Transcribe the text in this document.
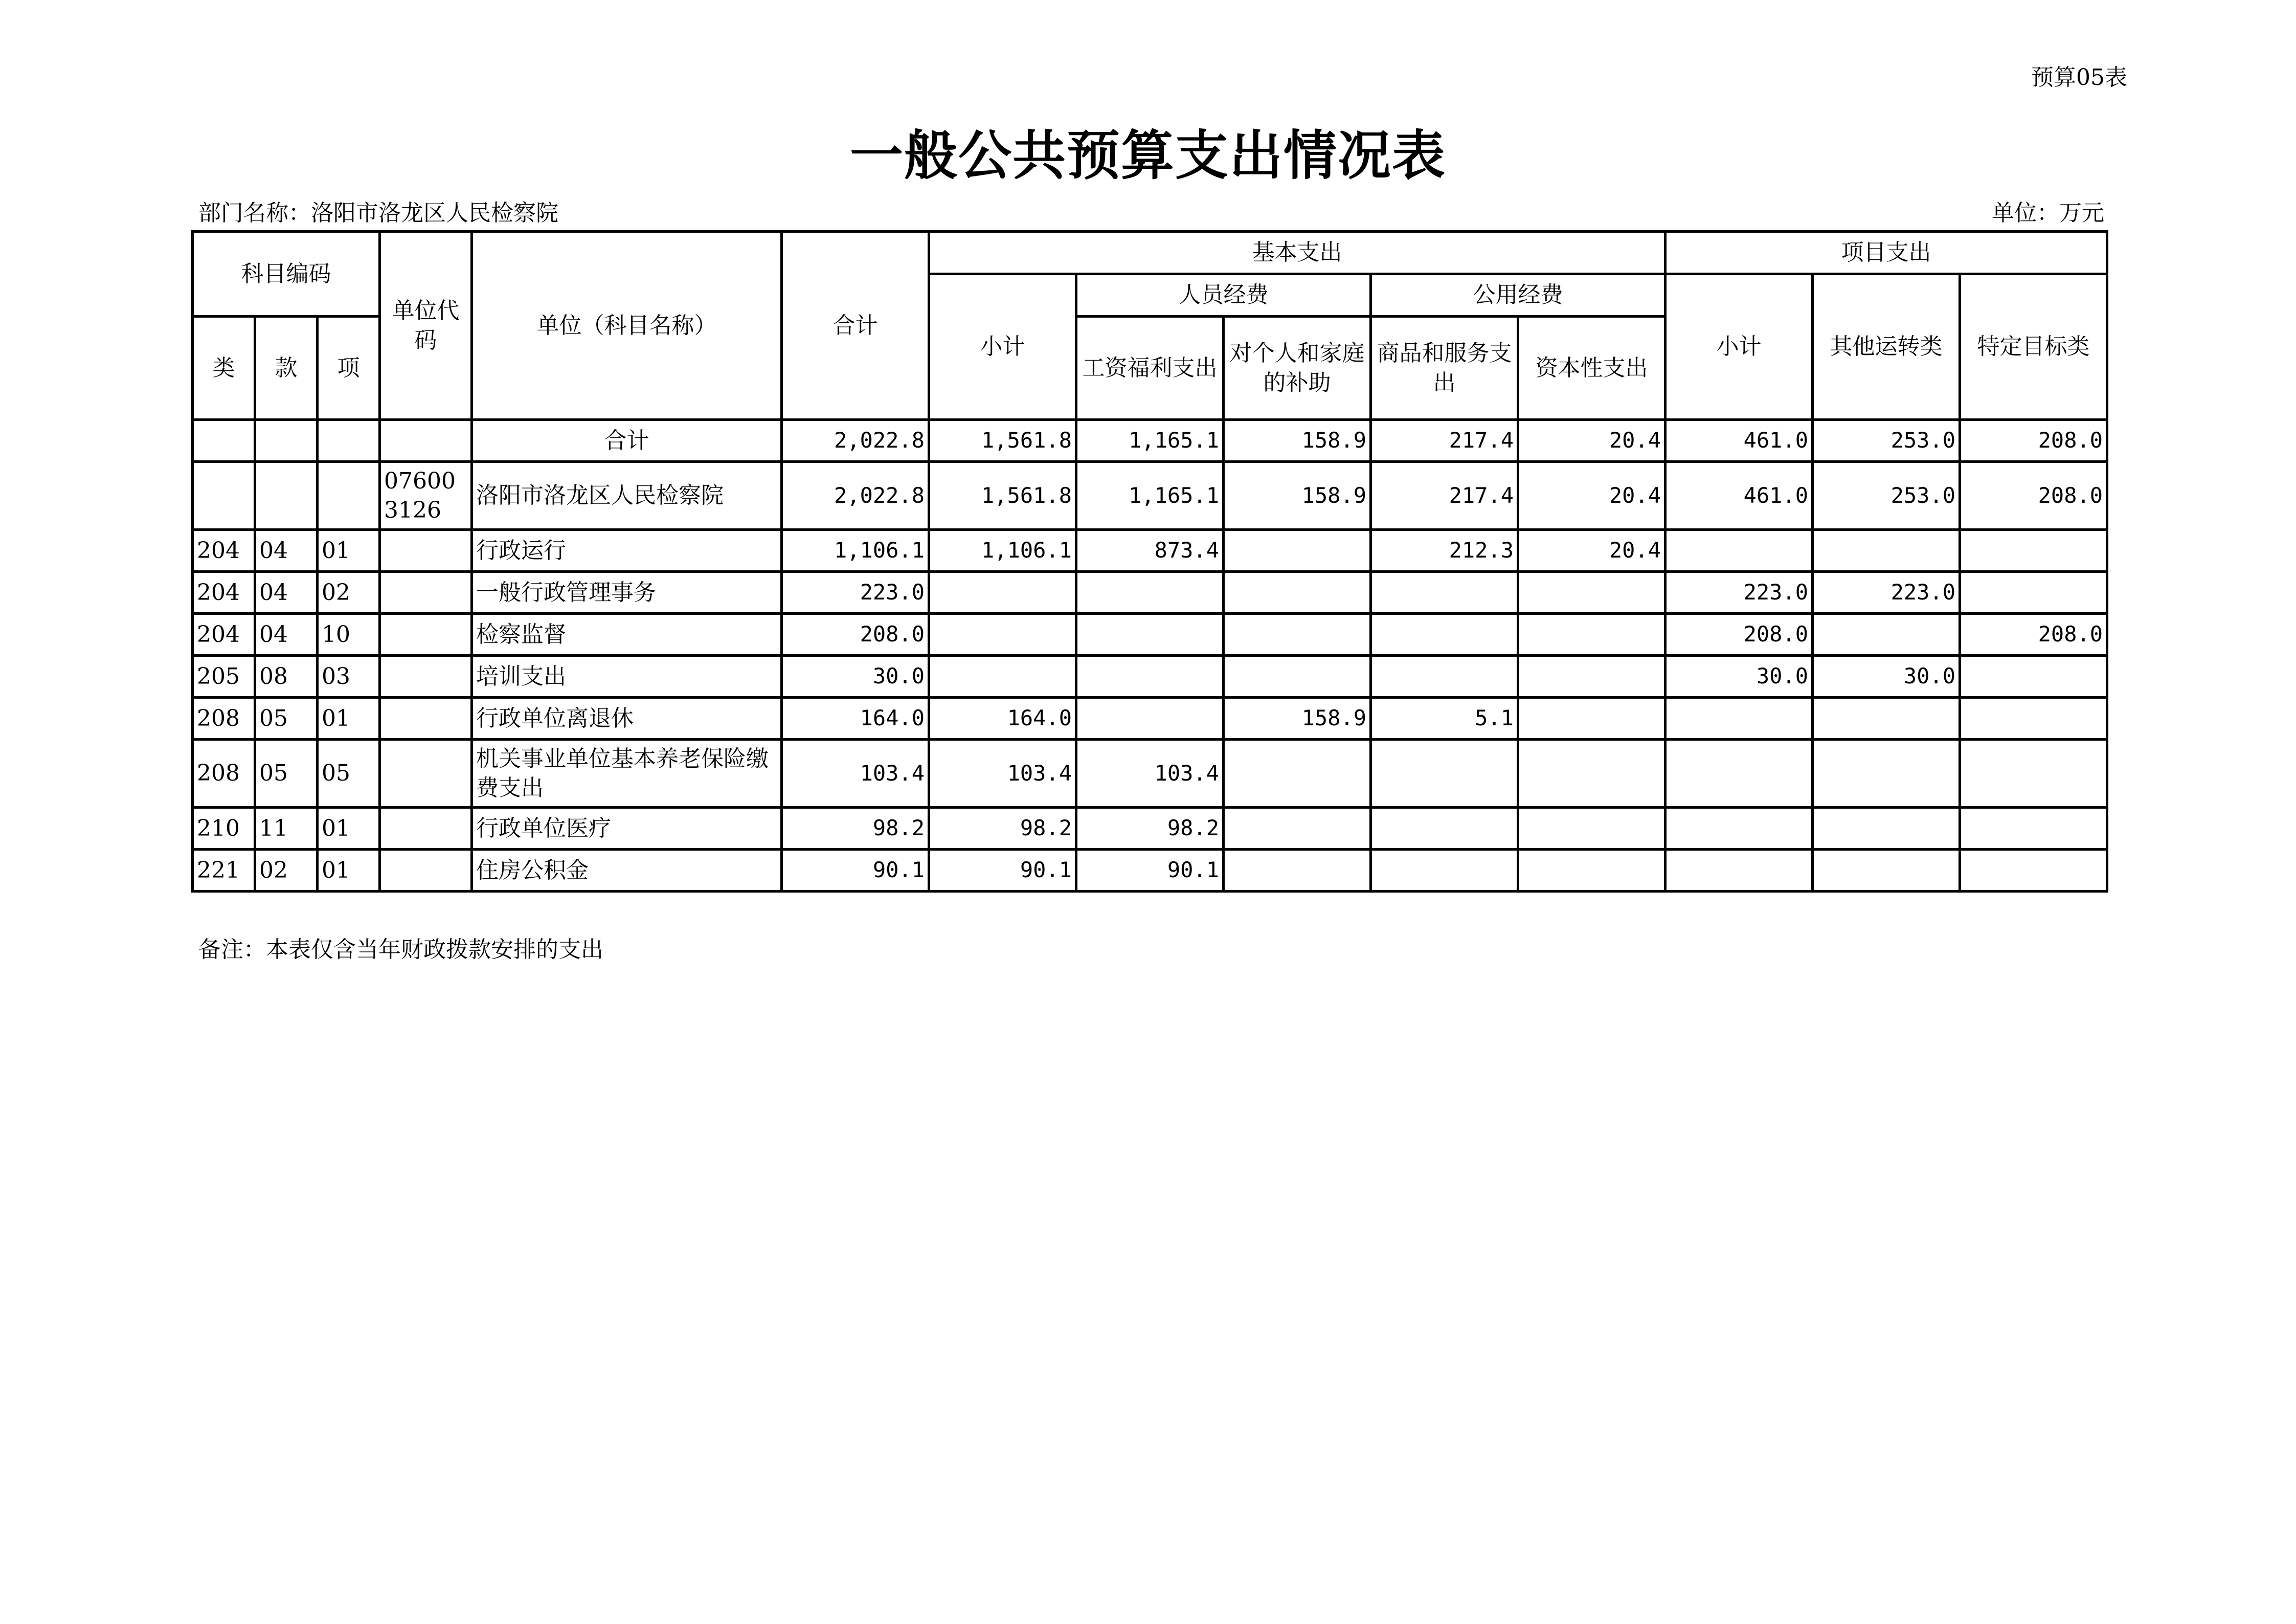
预算05表
一般公共预算支出情况表
部门名称：洛阳市洛龙区人民检察院	单位：万元
科目编码			单位代码	单位（科目名称）	合计	基本支出					项目支出		
						小计	人员经费		公用经费		小计	其他运转类	特定目标类
类	款	项					工资福利支出	对个人和家庭的补助	商品和服务支出	资本性支出			
				合计	2,022.8	1,561.8	1,165.1	158.9	217.4	20.4	461.0	253.0	208.0
			076003126	洛阳市洛龙区人民检察院	2,022.8	1,561.8	1,165.1	158.9	217.4	20.4	461.0	253.0	208.0
204	04	01		行政运行	1,106.1	1,106.1	873.4		212.3	20.4			
204	04	02		一般行政管理事务	223.0						223.0	223.0	
204	04	10		检察监督	208.0						208.0		208.0
205	08	03		培训支出	30.0						30.0	30.0	
208	05	01		行政单位离退休	164.0	164.0		158.9	5.1				
208	05	05		机关事业单位基本养老保险缴费支出	103.4	103.4	103.4						
210	11	01		行政单位医疗	98.2	98.2	98.2						
221	02	01		住房公积金	90.1	90.1	90.1						
备注：本表仅含当年财政拨款安排的支出
